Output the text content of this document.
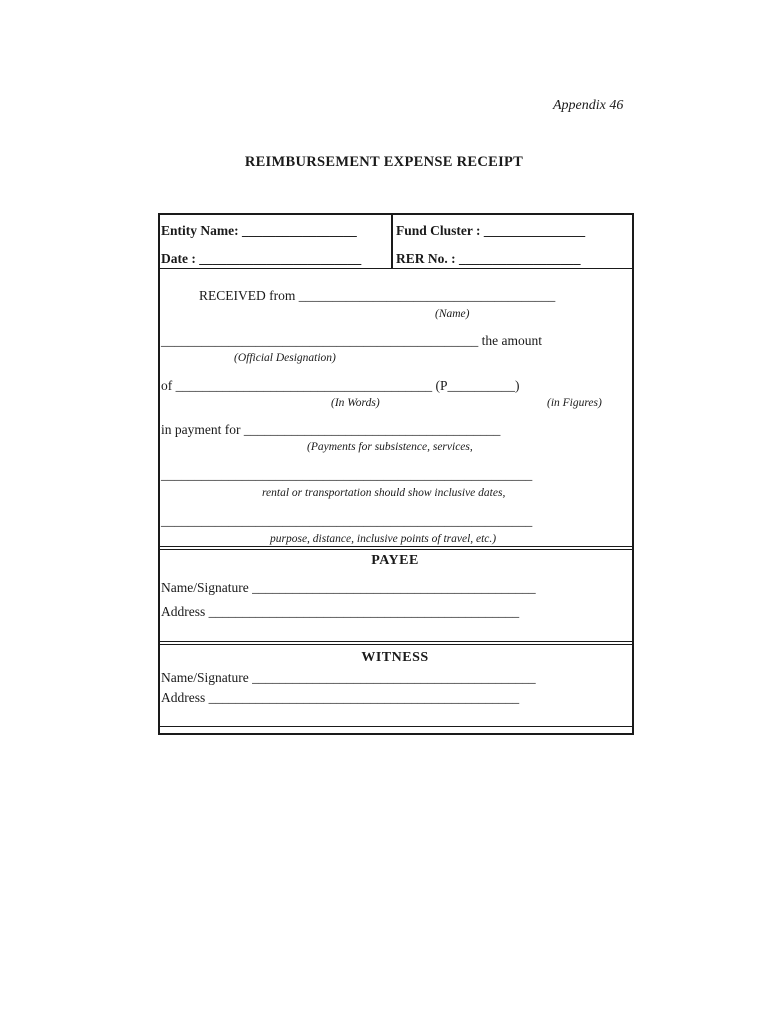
Appendix 46
REIMBURSEMENT EXPENSE RECEIPT
Entity Name: _________________	Fund Cluster : _______________
Date : ________________________	RER No. : __________________
RECEIVED from ______________________________________
(Name)
_______________________________________________ the amount
(Official Designation)
of ______________________________________ (P__________)
(In Words)	(in Figures)
in payment for ______________________________________
(Payments for subsistence, services,
_______________________________________________________
rental or transportation should show inclusive dates,
_______________________________________________________
purpose, distance, inclusive points of travel, etc.)
PAYEE
Name/Signature __________________________________________
Address ______________________________________________
WITNESS
Name/Signature __________________________________________
Address ______________________________________________
